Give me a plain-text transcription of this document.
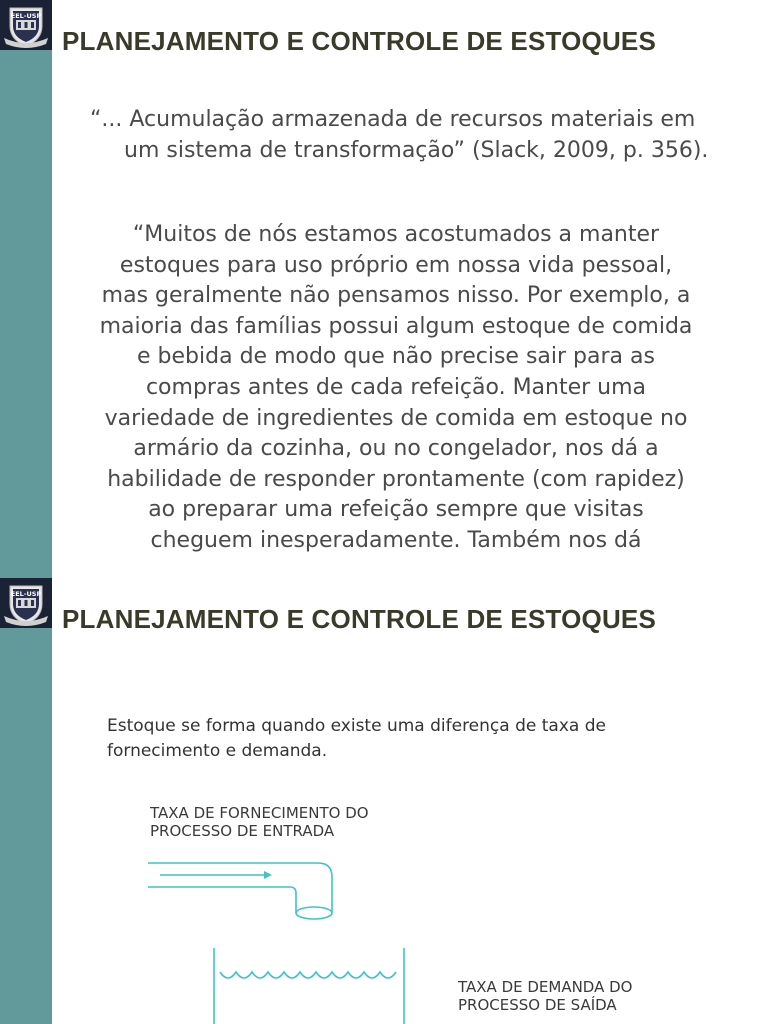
EEL-USP
PLANEJAMENTO E CONTROLE DE ESTOQUES

“... Acumulação armazenada de recursos materiais em um sistema de transformação” (Slack, 2009, p. 356).

“Muitos de nós estamos acostumados a manter estoques para uso próprio em nossa vida pessoal, mas geralmente não pensamos nisso. Por exemplo, a maioria das famílias possui algum estoque de comida e bebida de modo que não precise sair para as compras antes de cada refeição. Manter uma variedade de ingredientes de comida em estoque no armário da cozinha, ou no congelador, nos dá a habilidade de responder prontamente (com rapidez) ao preparar uma refeição sempre que visitas cheguem inesperadamente. Também nos dá

EEL-USP
PLANEJAMENTO E CONTROLE DE ESTOQUES

Estoque se forma quando existe uma diferença de taxa de fornecimento e demanda.

TAXA DE FORNECIMENTO DO
PROCESSO DE ENTRADA
TAXA DE DEMANDA DO
PROCESSO DE SAÍDA
